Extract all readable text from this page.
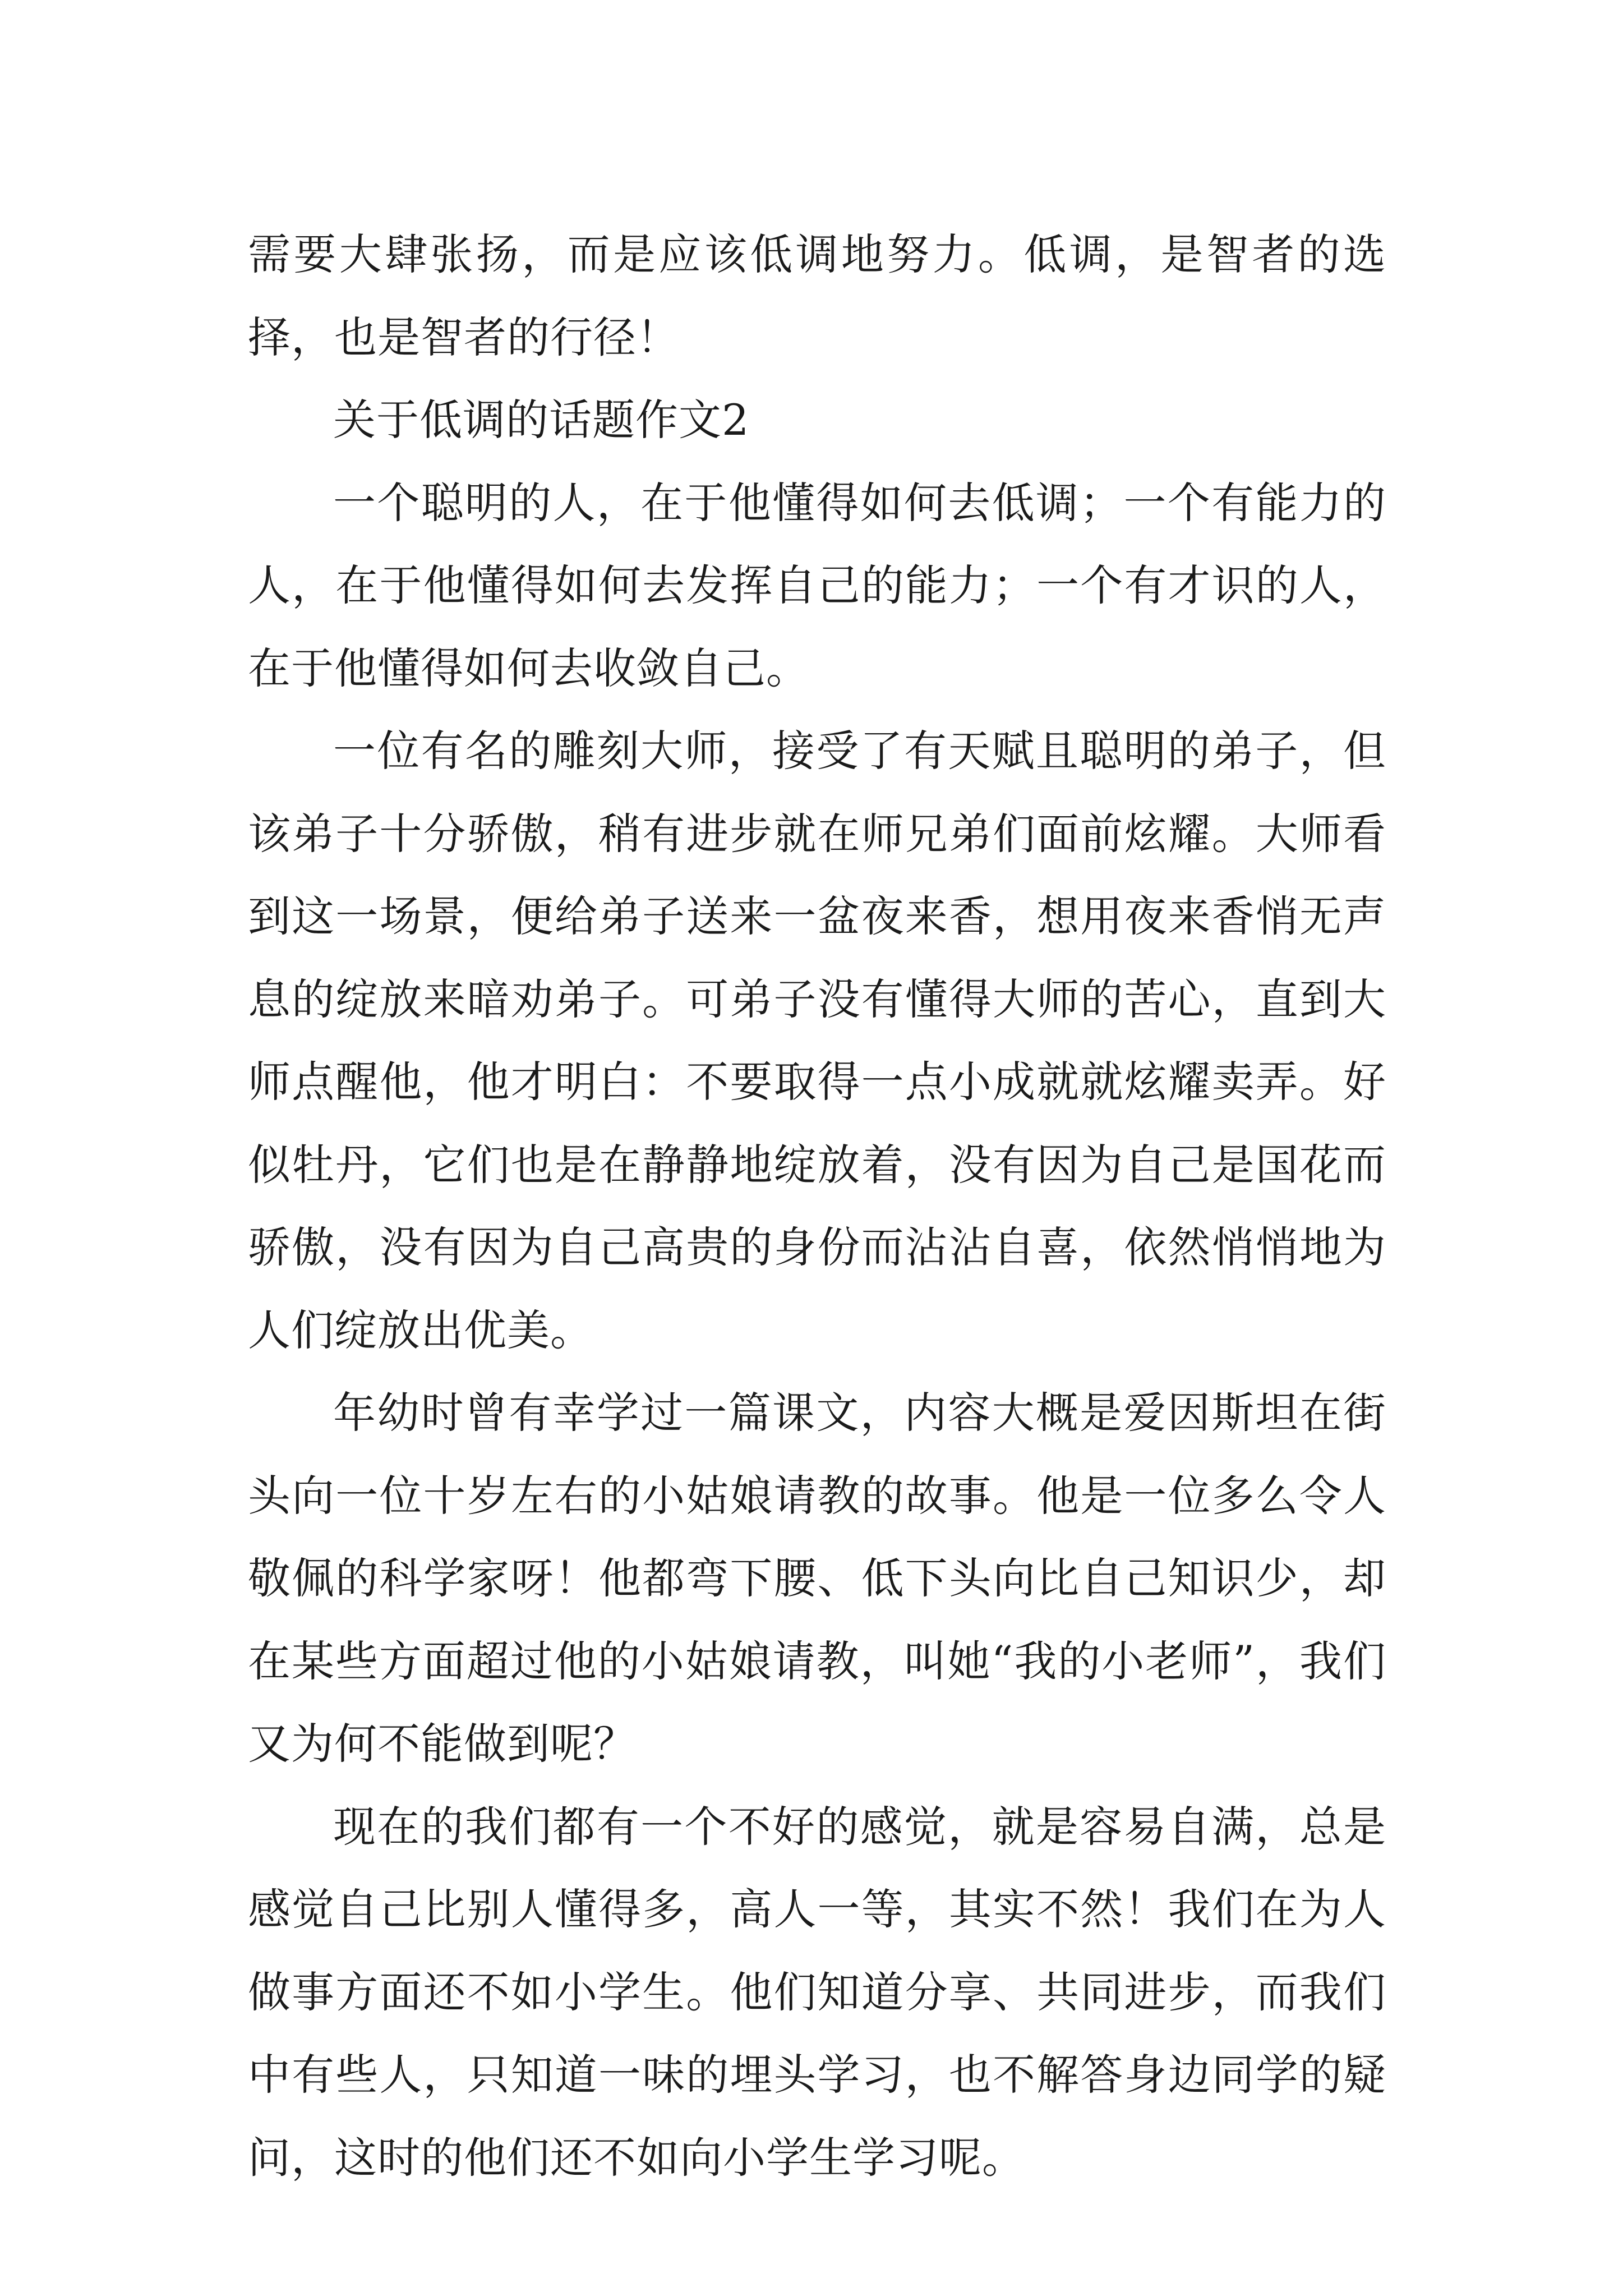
需要大肆张扬，而是应该低调地努力。低调，是智者的选择，也是智者的行径！

关于低调的话题作文2

一个聪明的人，在于他懂得如何去低调；一个有能力的人，在于他懂得如何去发挥自己的能力；一个有才识的人，在于他懂得如何去收敛自己。

一位有名的雕刻大师，接受了有天赋且聪明的弟子，但该弟子十分骄傲，稍有进步就在师兄弟们面前炫耀。大师看到这一场景，便给弟子送来一盆夜来香，想用夜来香悄无声息的绽放来暗劝弟子。可弟子没有懂得大师的苦心，直到大师点醒他，他才明白：不要取得一点小成就就炫耀卖弄。好似牡丹，它们也是在静静地绽放着，没有因为自己是国花而骄傲，没有因为自己高贵的身份而沾沾自喜，依然悄悄地为人们绽放出优美。

年幼时曾有幸学过一篇课文，内容大概是爱因斯坦在街头向一位十岁左右的小姑娘请教的故事。他是一位多么令人敬佩的科学家呀！他都弯下腰、低下头向比自己知识少，却在某些方面超过他的小姑娘请教，叫她“我的小老师”，我们又为何不能做到呢？

现在的我们都有一个不好的感觉，就是容易自满，总是感觉自己比别人懂得多，高人一等，其实不然！我们在为人做事方面还不如小学生。他们知道分享、共同进步，而我们中有些人，只知道一味的埋头学习，也不解答身边同学的疑问，这时的他们还不如向小学生学习呢。
